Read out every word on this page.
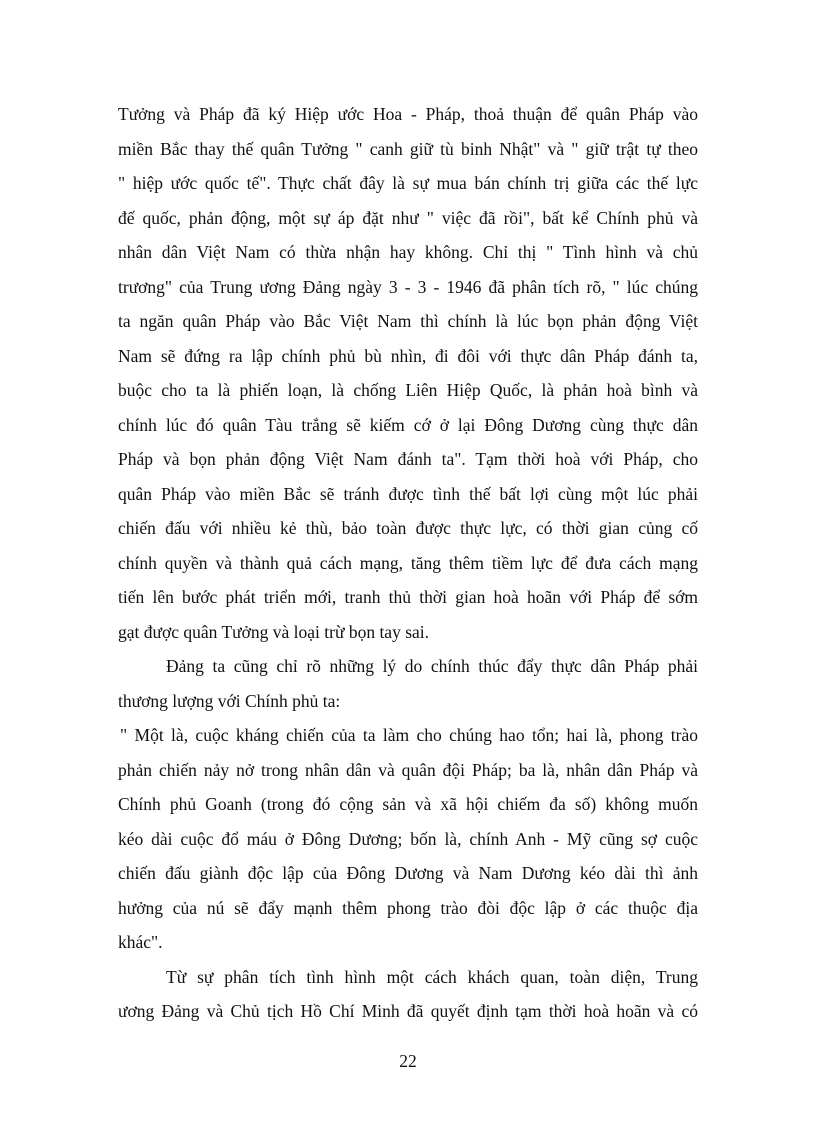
Tưởng và Pháp đã ký Hiệp ước Hoa - Pháp, thoả thuận để quân Pháp vào
miền Bắc thay thế quân Tưởng " canh giữ tù binh Nhật" và " giữ trật tự theo
" hiệp ước quốc tế". Thực chất đây là sự mua bán chính trị giữa các thế lực
đế quốc, phản động, một sự áp đặt như " việc đã rồi", bất kể Chính phủ và
nhân dân Việt Nam có thừa nhận hay không. Chỉ thị " Tình hình và chủ
trương" của Trung ương Đảng ngày 3 - 3 - 1946 đã phân tích rõ, " lúc chúng
ta ngăn quân Pháp vào Bắc Việt Nam thì chính là lúc bọn phản động Việt
Nam sẽ đứng ra lập chính phủ bù nhìn, đi đôi với thực dân Pháp đánh ta,
buộc cho ta là phiến loạn, là chống Liên Hiệp Quốc, là phản hoà bình và
chính lúc đó quân Tàu trắng sẽ kiếm cớ ở lại Đông Dương cùng thực dân
Pháp và bọn phản động Việt Nam đánh ta". Tạm thời hoà với Pháp, cho
quân Pháp vào miền Bắc sẽ tránh được tình thế bất lợi cùng một lúc phải
chiến đấu với nhiều kẻ thù, bảo toàn được thực lực, có thời gian củng cố
chính quyền và thành quả cách mạng, tăng thêm tiềm lực để đưa cách mạng
tiến lên bước phát triển mới, tranh thủ thời gian hoà hoãn với Pháp để sớm
gạt được quân Tưởng và loại trừ bọn tay sai.
Đảng ta cũng chỉ rõ những lý do chính thúc đẩy thực dân Pháp phải
thương lượng với Chính phủ ta:
" Một là, cuộc kháng chiến của ta làm cho chúng hao tổn; hai là, phong trào
phản chiến nảy nở trong nhân dân và quân đội Pháp; ba là, nhân dân Pháp và
Chính phủ Goanh (trong đó cộng sản và xã hội chiếm đa số) không muốn
kéo dài cuộc đổ máu ở Đông Dương; bốn là, chính Anh - Mỹ cũng sợ cuộc
chiến đấu giành độc lập của Đông Dương và Nam Dương kéo dài thì ảnh
hưởng của nú sẽ đẩy mạnh thêm phong trào đòi độc lập ở các thuộc địa
khác".
Từ sự phân tích tình hình một cách khách quan, toàn diện, Trung
ương Đảng và Chủ tịch Hồ Chí Minh đã quyết định tạm thời hoà hoãn và có
22
